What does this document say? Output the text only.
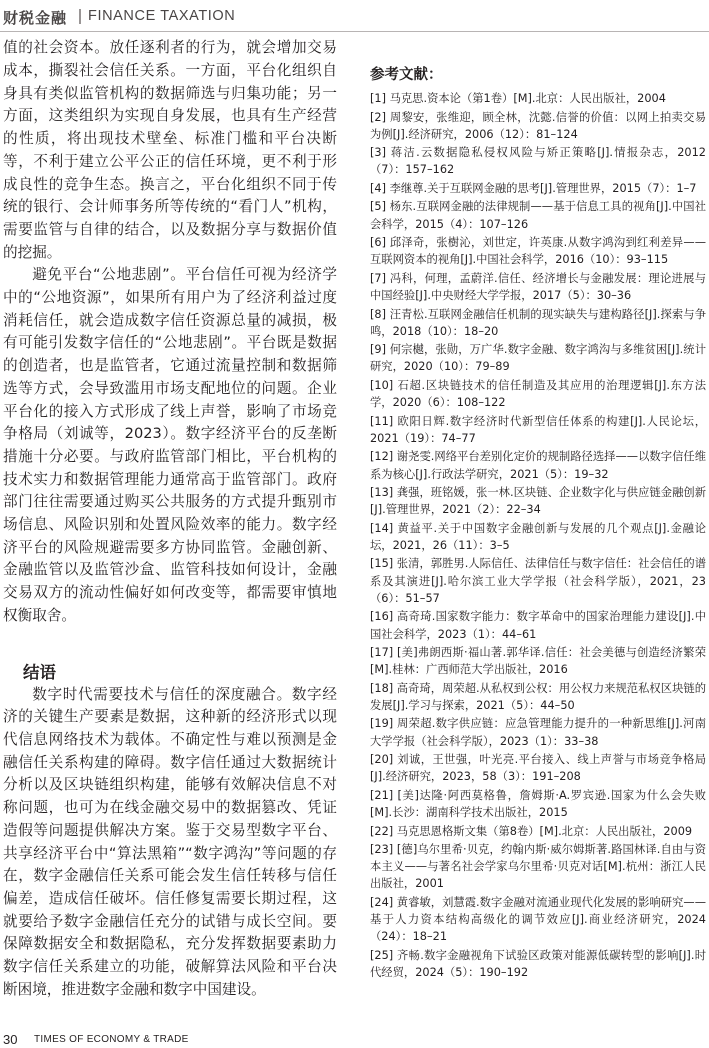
财税金融 FINANCE TAXATION

值的社会资本。放任逐利者的行为，就会增加交易成本，撕裂社会信任关系。一方面，平台化组织自身具有类似监管机构的数据筛选与归集功能；另一方面，这类组织为实现自身发展，也具有生产经营的性质，将出现技术壁垒、标准门槛和平台决断等，不利于建立公平公正的信任环境，更不利于形成良性的竞争生态。换言之，平台化组织不同于传统的银行、会计师事务所等传统的“看门人”机构，需要监管与自律的结合，以及数据分享与数据价值的挖掘。

避免平台“公地悲剧”。平台信任可视为经济学中的“公地资源”，如果所有用户为了经济利益过度消耗信任，就会造成数字信任资源总量的减损，极有可能引发数字信任的“公地悲剧”。平台既是数据的创造者，也是监管者，它通过流量控制和数据筛选等方式，会导致滥用市场支配地位的问题。企业平台化的接入方式形成了线上声誉，影响了市场竞争格局（刘诚等，2023）。数字经济平台的反垄断措施十分必要。与政府监管部门相比，平台机构的技术实力和数据管理能力通常高于监管部门。政府部门往往需要通过购买公共服务的方式提升甄别市场信息、风险识别和处置风险效率的能力。数字经济平台的风险规避需要多方协同监管。金融创新、金融监管以及监管沙盒、监管科技如何设计，金融交易双方的流动性偏好如何改变等，都需要审慎地权衡取舍。

结语

数字时代需要技术与信任的深度融合。数字经济的关键生产要素是数据，这种新的经济形式以现代信息网络技术为载体。不确定性与难以预测是金融信任关系构建的障碍。数字信任通过大数据统计分析以及区块链组织构建，能够有效解决信息不对称问题，也可为在线金融交易中的数据篡改、凭证造假等问题提供解决方案。鉴于交易型数字平台、共享经济平台中“算法黑箱”“数字鸿沟”等问题的存在，数字金融信任关系可能会发生信任转移与信任偏差，造成信任破坏。信任修复需要长期过程，这就要给予数字金融信任充分的试错与成长空间。要保障数据安全和数据隐私，充分发挥数据要素助力数字信任关系建立的功能，破解算法风险和平台决断困境，推进数字金融和数字中国建设。

参考文献：

[1] 马克思.资本论（第1卷）[M].北京：人民出版社，2004

[2] 周黎安，张维迎，顾全林，沈懿.信誉的价值：以网上拍卖交易为例[J].经济研究，2006（12）：81–124

[3] 蒋洁.云数据隐私侵权风险与矫正策略[J].情报杂志，2012（7）：157–162

[4] 李继尊.关于互联网金融的思考[J].管理世界，2015（7）：1–7

[5] 杨东.互联网金融的法律规制——基于信息工具的视角[J].中国社会科学，2015（4）：107–126

[6] 邱泽奇，张樹沁，刘世定，许英康.从数字鸿沟到红利差异——互联网资本的视角[J].中国社会科学，2016（10）：93–115

[7] 冯科，何理，孟蔚洋.信任、经济增长与金融发展：理论进展与中国经验[J].中央财经大学学报，2017（5）：30–36

[8] 汪青松.互联网金融信任机制的现实缺失与建构路径[J].探索与争鸣，2018（10）：18–20

[9] 何宗樾，张勋，万广华.数字金融、数字鸿沟与多维贫困[J].统计研究，2020（10）：79–89

[10] 石超.区块链技术的信任制造及其应用的治理逻辑[J].东方法学，2020（6）：108–122

[11] 欧阳日辉.数字经济时代新型信任体系的构建[J].人民论坛，2021（19）：74–77

[12] 谢尧雯.网络平台差别化定价的规制路径选择——以数字信任维系为核心[J].行政法学研究，2021（5）：19–32

[13] 龚强，班铭媛，张一林.区块链、企业数字化与供应链金融创新[J].管理世界，2021（2）：22–34

[14] 黄益平.关于中国数字金融创新与发展的几个观点[J].金融论坛，2021，26（11）：3–5

[15] 张清，郭胜男.人际信任、法律信任与数字信任：社会信任的谱系及其演进[J].哈尔滨工业大学学报（社会科学版），2021，23（6）：51–57

[16] 高奇琦.国家数字能力：数字革命中的国家治理能力建设[J].中国社会科学，2023（1）：44–61

[17] [美]弗朗西斯·福山著.郭华译.信任：社会美德与创造经济繁荣[M].桂林：广西师范大学出版社，2016

[18] 高奇琦，周荣超.从私权到公权：用公权力来规范私权区块链的发展[J].学习与探索，2021（5）：44–50

[19] 周荣超.数字供应链：应急管理能力提升的一种新思维[J].河南大学学报（社会科学版），2023（1）：33–38

[20] 刘诚，王世强，叶光亮.平台接入、线上声誉与市场竞争格局[J].经济研究，2023，58（3）：191–208

[21] [美]达隆·阿西莫格鲁，詹姆斯·A.罗宾逊.国家为什么会失败[M].长沙：湖南科学技术出版社，2015

[22] 马克思恩格斯文集（第8卷）[M].北京：人民出版社，2009

[23] [德]乌尔里希·贝克，约翰内斯·威尔姆斯著.路国林译.自由与资本主义——与著名社会学家乌尔里希·贝克对话[M].杭州：浙江人民出版社，2001

[24] 黄睿敏，刘慧霞.数字金融对流通业现代化发展的影响研究——基于人力资本结构高级化的调节效应[J].商业经济研究，2024（24）：18–21

[25] 齐畅.数字金融视角下试验区政策对能源低碳转型的影响[J].时代经贸，2024（5）：190–192

30 TIMES OF ECONOMY & TRADE
